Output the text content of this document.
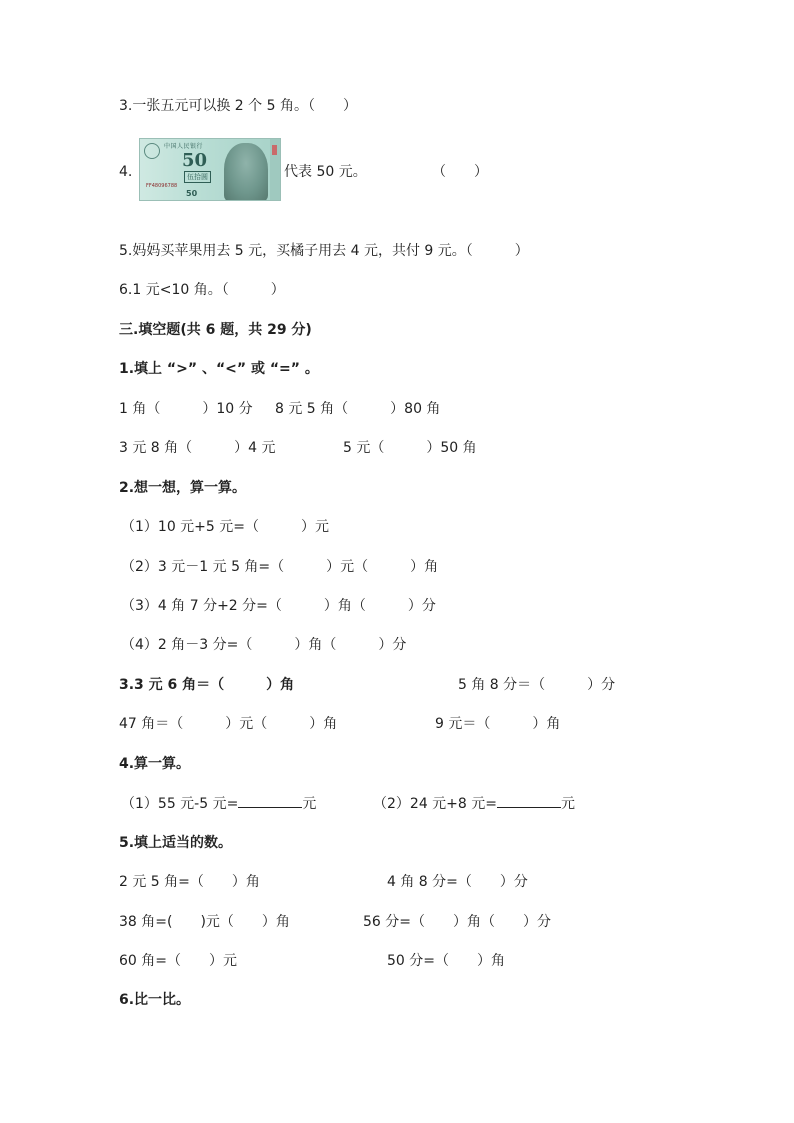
3.一张五元可以换 2 个 5 角。（　　）
4.
中国人民银行
50
伍拾圆
FF48096788
50
代表 50 元。	（　　）
5.妈妈买苹果用去 5 元，买橘子用去 4 元，共付 9 元。（　　　）
6.1 元<10 角。（　　　）
三.填空题(共 6 题，共 29 分)
1.填上 “>” 、“<” 或 “=” 。
1 角（　　　）10 分 8 元 5 角（　　　）80 角
3 元 8 角（　　　）4 元	5 元（　　　）50 角
2.想一想，算一算。
（1）10 元+5 元=（　　　）元
（2）3 元－1 元 5 角=（　　　）元（　　　）角
（3）4 角 7 分+2 分=（　　　）角（　　　）分
（4）2 角－3 分=（　　　）角（　　　）分
3.3 元 6 角＝（　　　）角	5 角 8 分＝（　　　）分
47 角＝（　　　）元（　　　）角	9 元＝（　　　）角
4.算一算。
（1）55 元-5 元=	元	（2）24 元+8 元=	元
5.填上适当的数。
2 元 5 角=（　　）角	4 角 8 分=（　　）分
38 角=(　　)元（　　）角	56 分=（　　）角（　　）分
60 角=（　　）元	50 分=（　　）角
6.比一比。
